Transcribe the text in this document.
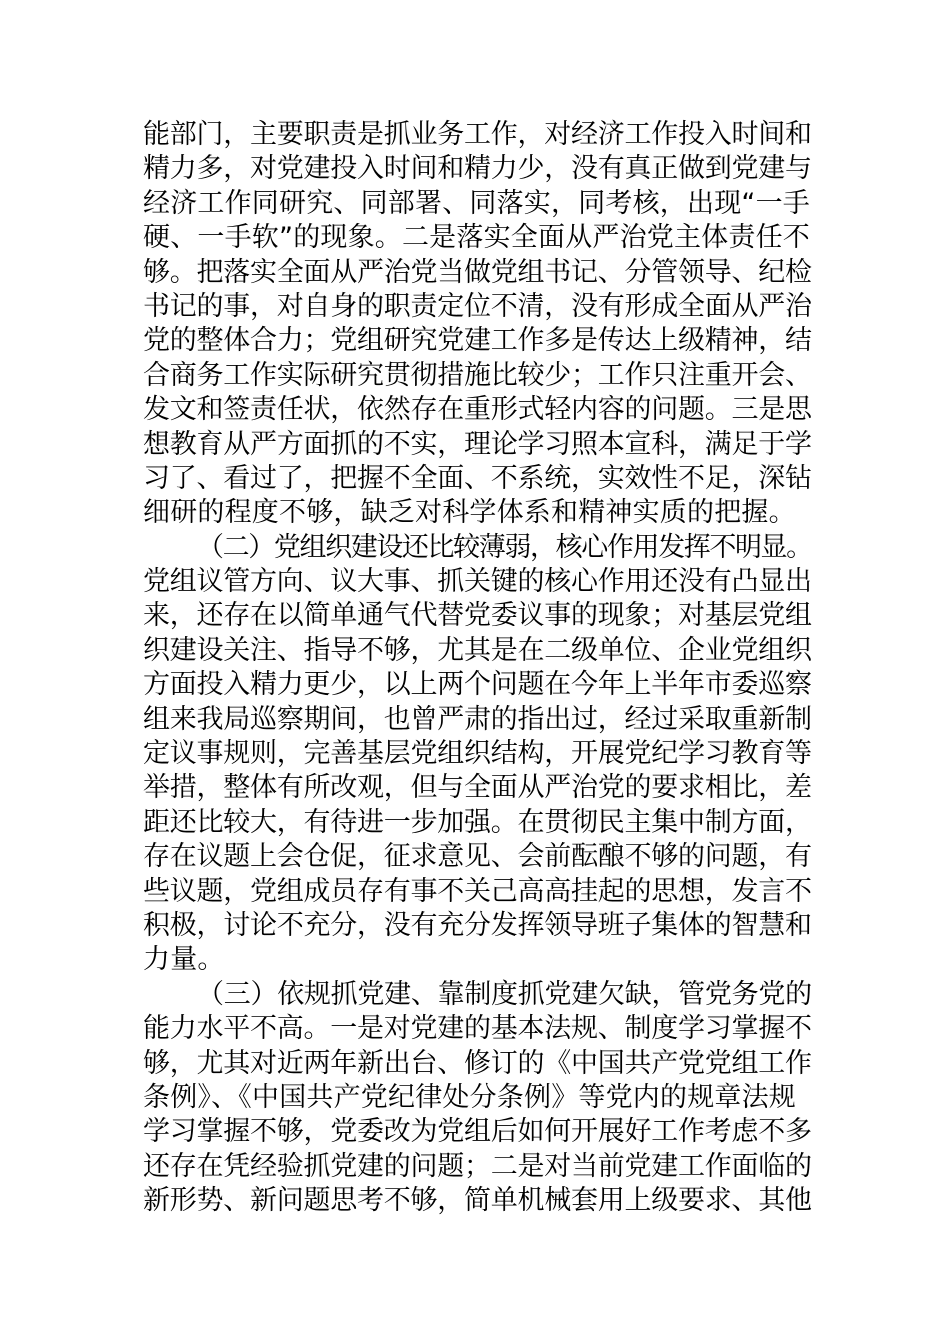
能部门，主要职责是抓业务工作，对经济工作投入时间和
精力多，对党建投入时间和精力少，没有真正做到党建与
经济工作同研究、同部署、同落实，同考核，出现“一手
硬、一手软”的现象。二是落实全面从严治党主体责任不
够。把落实全面从严治党当做党组书记、分管领导、纪检
书记的事，对自身的职责定位不清，没有形成全面从严治
党的整体合力；党组研究党建工作多是传达上级精神，结
合商务工作实际研究贯彻措施比较少；工作只注重开会、
发文和签责任状，依然存在重形式轻内容的问题。三是思
想教育从严方面抓的不实，理论学习照本宣科，满足于学
习了、看过了，把握不全面、不系统，实效性不足，深钻
细研的程度不够，缺乏对科学体系和精神实质的把握。
（二）党组织建设还比较薄弱，核心作用发挥不明显。
党组议管方向、议大事、抓关键的核心作用还没有凸显出
来，还存在以简单通气代替党委议事的现象；对基层党组
织建设关注、指导不够，尤其是在二级单位、企业党组织
方面投入精力更少，以上两个问题在今年上半年市委巡察
组来我局巡察期间，也曾严肃的指出过，经过采取重新制
定议事规则，完善基层党组织结构，开展党纪学习教育等
举措，整体有所改观，但与全面从严治党的要求相比，差
距还比较大，有待进一步加强。在贯彻民主集中制方面，
存在议题上会仓促，征求意见、会前酝酿不够的问题，有
些议题，党组成员存有事不关己高高挂起的思想，发言不
积极，讨论不充分，没有充分发挥领导班子集体的智慧和
力量。
（三）依规抓党建、靠制度抓党建欠缺，管党务党的
能力水平不高。一是对党建的基本法规、制度学习掌握不
够，尤其对近两年新出台、修订的《中国共产党党组工作
条例》、《中国共产党纪律处分条例》等党内的规章法规
学习掌握不够，党委改为党组后如何开展好工作考虑不多
还存在凭经验抓党建的问题；二是对当前党建工作面临的
新形势、新问题思考不够，简单机械套用上级要求、其他
